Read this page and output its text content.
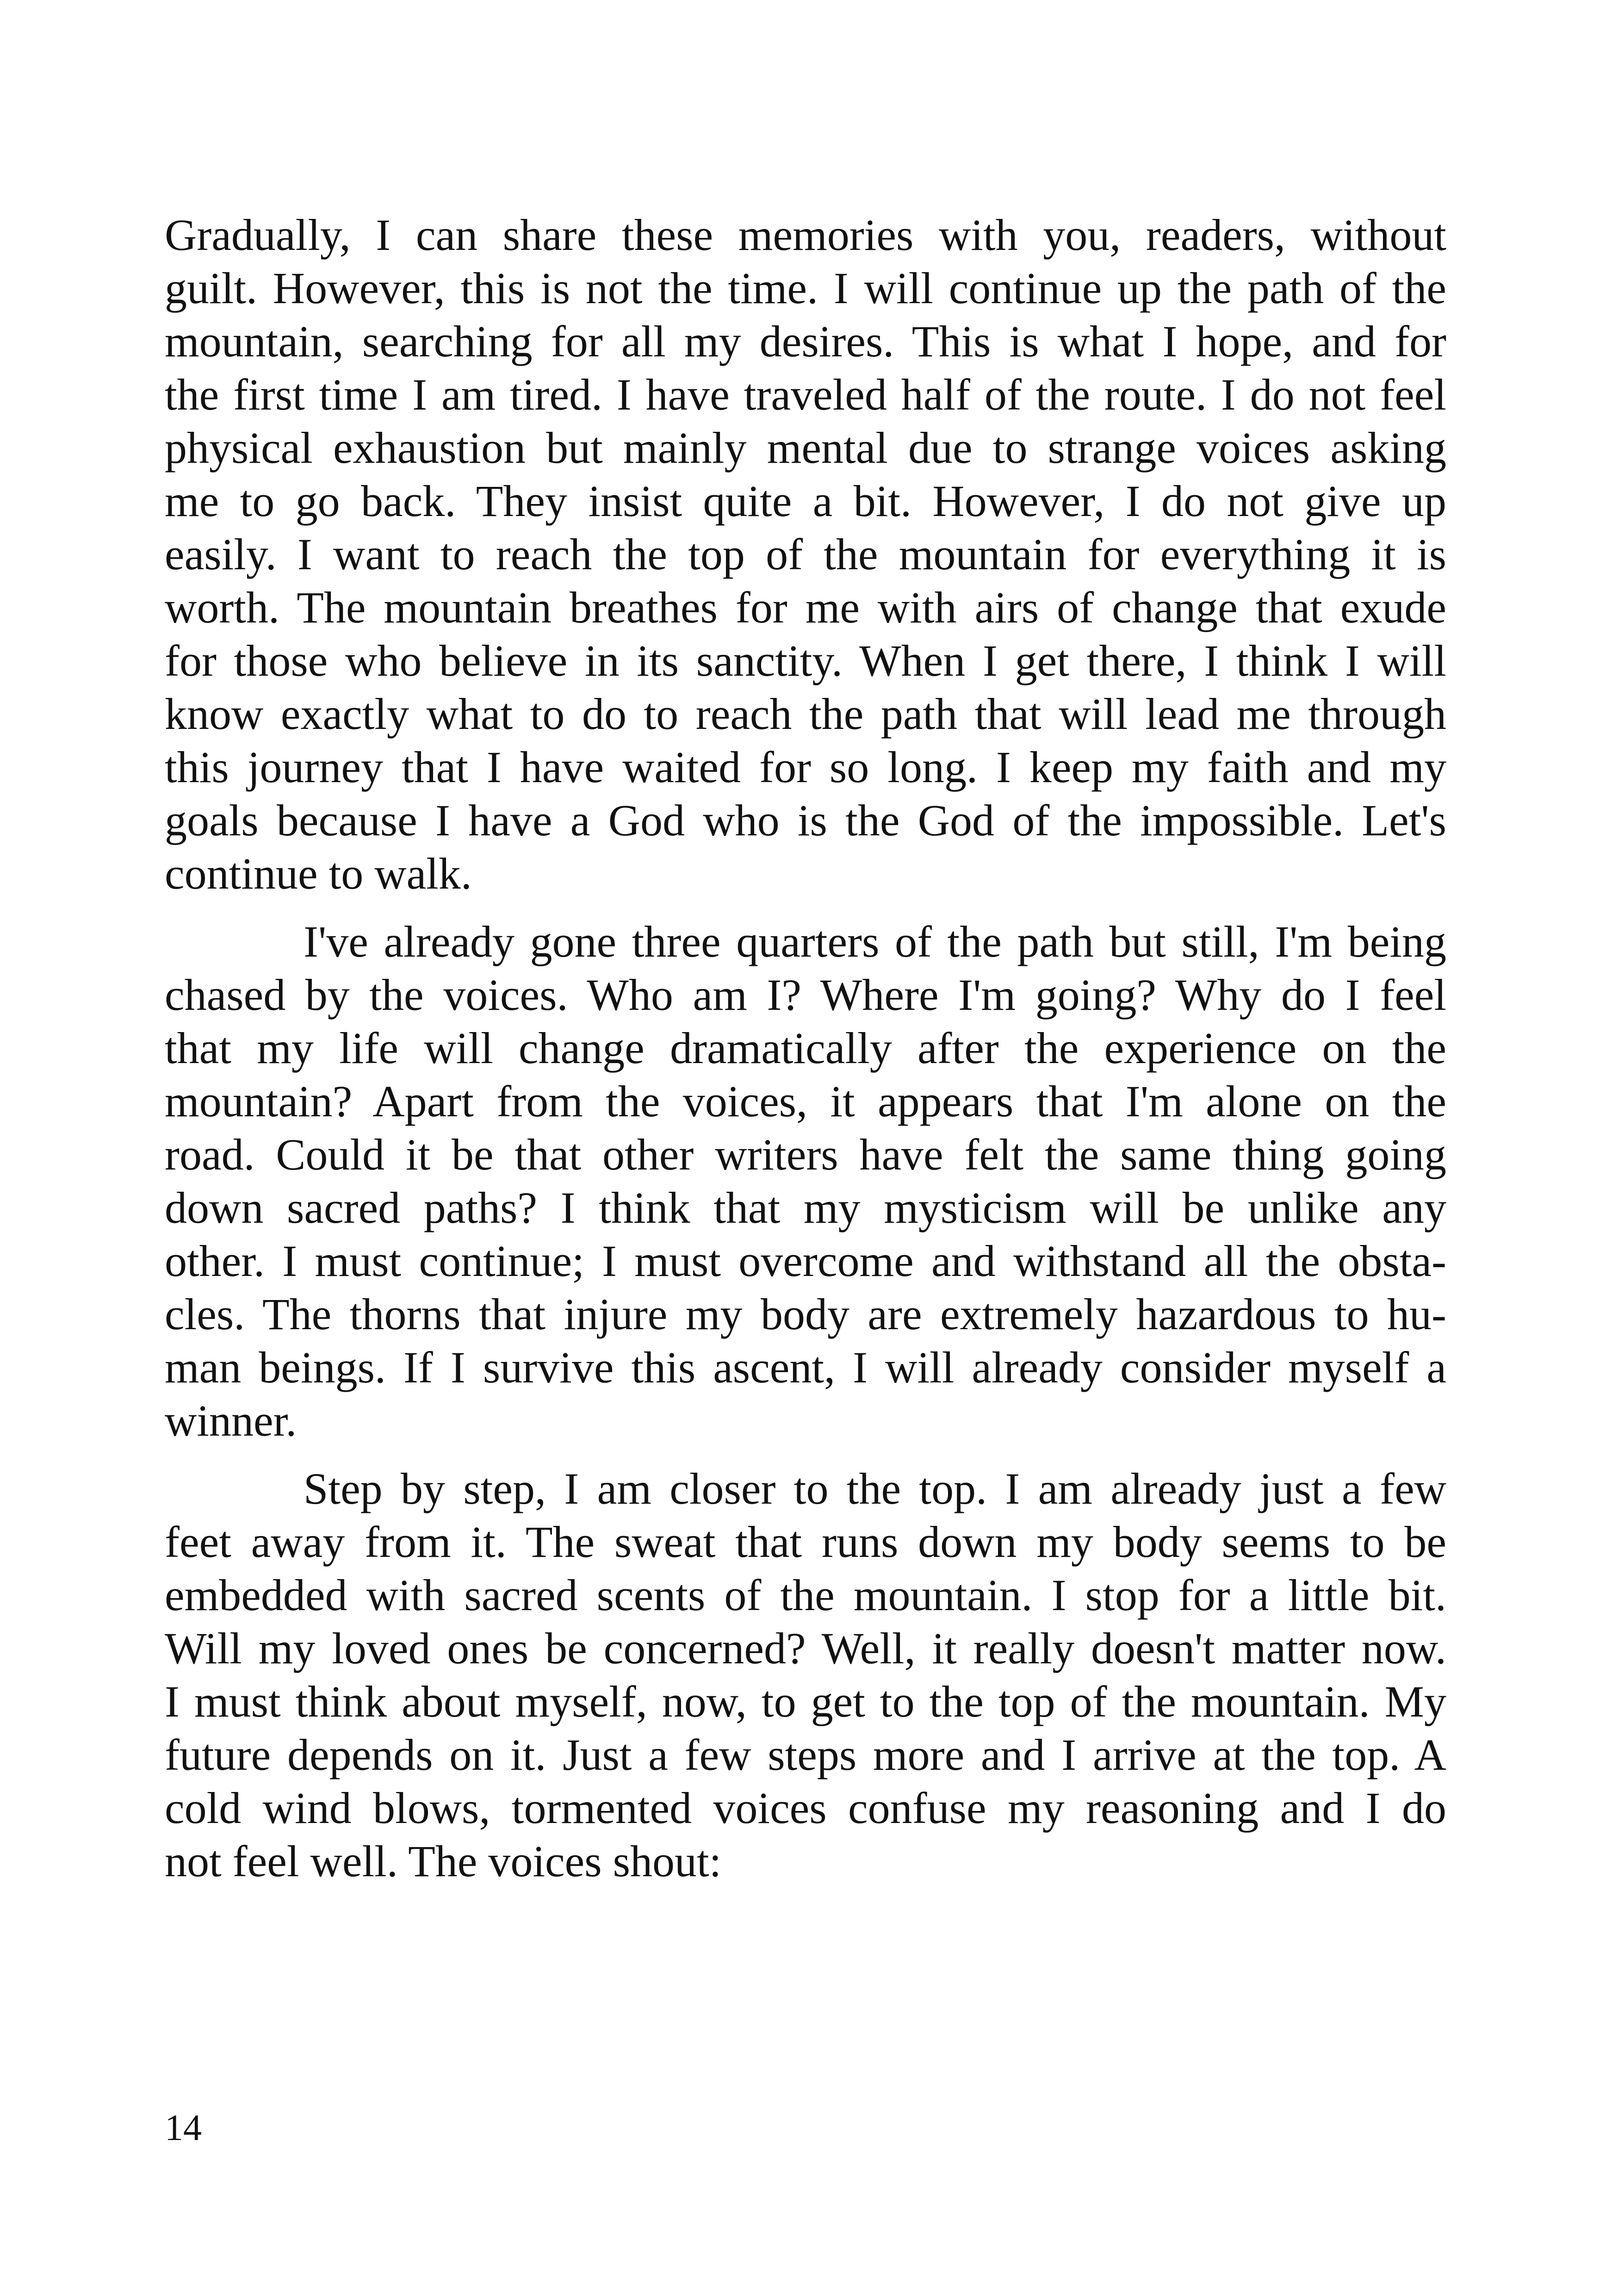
Gradually, I can share these memories with you, readers, without
guilt. However, this is not the time. I will continue up the path of the
mountain, searching for all my desires. This is what I hope, and for
the first time I am tired. I have traveled half of the route. I do not feel
physical exhaustion but mainly mental due to strange voices asking
me to go back. They insist quite a bit. However, I do not give up
easily. I want to reach the top of the mountain for everything it is
worth. The mountain breathes for me with airs of change that exude
for those who believe in its sanctity. When I get there, I think I will
know exactly what to do to reach the path that will lead me through
this journey that I have waited for so long. I keep my faith and my
goals because I have a God who is the God of the impossible. Let's
continue to walk.

I've already gone three quarters of the path but still, I'm being
chased by the voices. Who am I? Where I'm going? Why do I feel
that my life will change dramatically after the experience on the
mountain? Apart from the voices, it appears that I'm alone on the
road. Could it be that other writers have felt the same thing going
down sacred paths? I think that my mysticism will be unlike any
other. I must continue; I must overcome and withstand all the obsta-
cles. The thorns that injure my body are extremely hazardous to hu-
man beings. If I survive this ascent, I will already consider myself a
winner.

Step by step, I am closer to the top. I am already just a few
feet away from it. The sweat that runs down my body seems to be
embedded with sacred scents of the mountain. I stop for a little bit.
Will my loved ones be concerned? Well, it really doesn't matter now.
I must think about myself, now, to get to the top of the mountain. My
future depends on it. Just a few steps more and I arrive at the top. A
cold wind blows, tormented voices confuse my reasoning and I do
not feel well. The voices shout:

14
